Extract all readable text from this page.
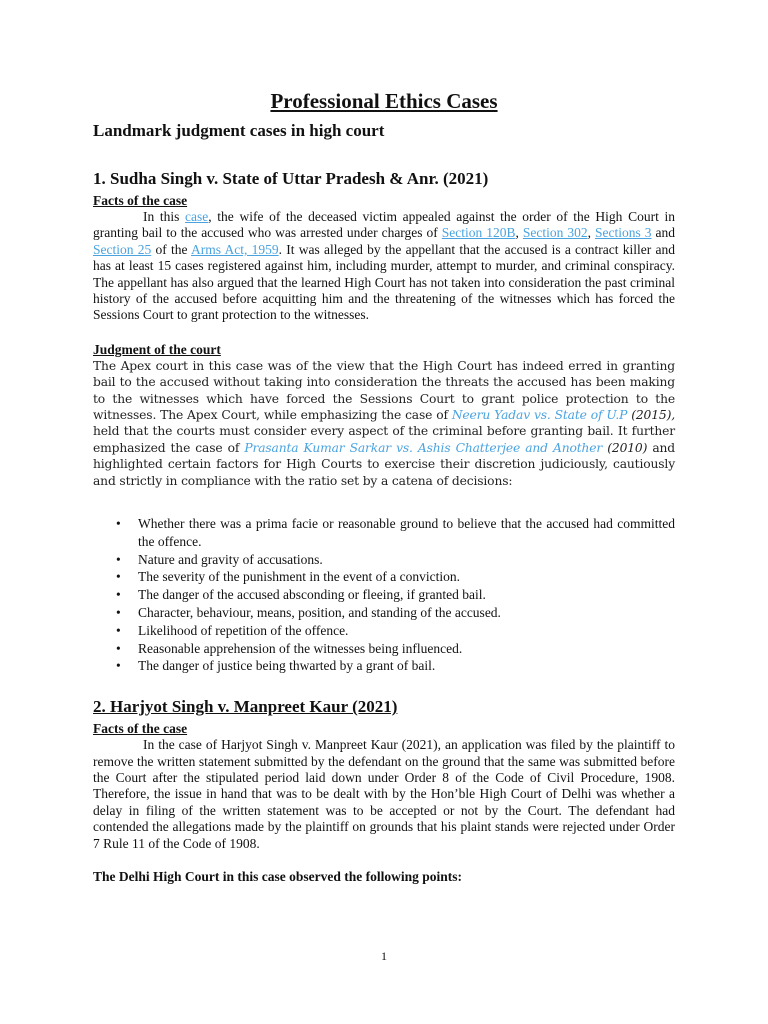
Professional Ethics Cases

Landmark judgment cases in high court

1. Sudha Singh v. State of Uttar Pradesh & Anr. (2021)

Facts of the case

In this case, the wife of the deceased victim appealed against the order of the High Court in granting bail to the accused who was arrested under charges of Section 120B, Section 302, Sections 3 and Section 25 of the Arms Act, 1959. It was alleged by the appellant that the accused is a contract killer and has at least 15 cases registered against him, including murder, attempt to murder, and criminal conspiracy. The appellant has also argued that the learned High Court has not taken into consideration the past criminal history of the accused before acquitting him and the threatening of the witnesses which has forced the Sessions Court to grant protection to the witnesses.

Judgment of the court

The Apex court in this case was of the view that the High Court has indeed erred in granting bail to the accused without taking into consideration the threats the accused has been making to the witnesses which have forced the Sessions Court to grant police protection to the witnesses. The Apex Court, while emphasizing the case of Neeru Yadav vs. State of U.P (2015), held that the courts must consider every aspect of the criminal before granting bail. It further emphasized the case of Prasanta Kumar Sarkar vs. Ashis Chatterjee and Another (2010) and highlighted certain factors for High Courts to exercise their discretion judiciously, cautiously and strictly in compliance with the ratio set by a catena of decisions:

• Whether there was a prima facie or reasonable ground to believe that the accused had committed the offence.
• Nature and gravity of accusations.
• The severity of the punishment in the event of a conviction.
• The danger of the accused absconding or fleeing, if granted bail.
• Character, behaviour, means, position, and standing of the accused.
• Likelihood of repetition of the offence.
• Reasonable apprehension of the witnesses being influenced.
• The danger of justice being thwarted by a grant of bail.

2. Harjyot Singh v. Manpreet Kaur (2021)

Facts of the case

In the case of Harjyot Singh v. Manpreet Kaur (2021), an application was filed by the plaintiff to remove the written statement submitted by the defendant on the ground that the same was submitted before the Court after the stipulated period laid down under Order 8 of the Code of Civil Procedure, 1908. Therefore, the issue in hand that was to be dealt with by the Hon’ble High Court of Delhi was whether a delay in filing of the written statement was to be accepted or not by the Court. The defendant had contended the allegations made by the plaintiff on grounds that his plaint stands were rejected under Order 7 Rule 11 of the Code of 1908.

The Delhi High Court in this case observed the following points:

1
